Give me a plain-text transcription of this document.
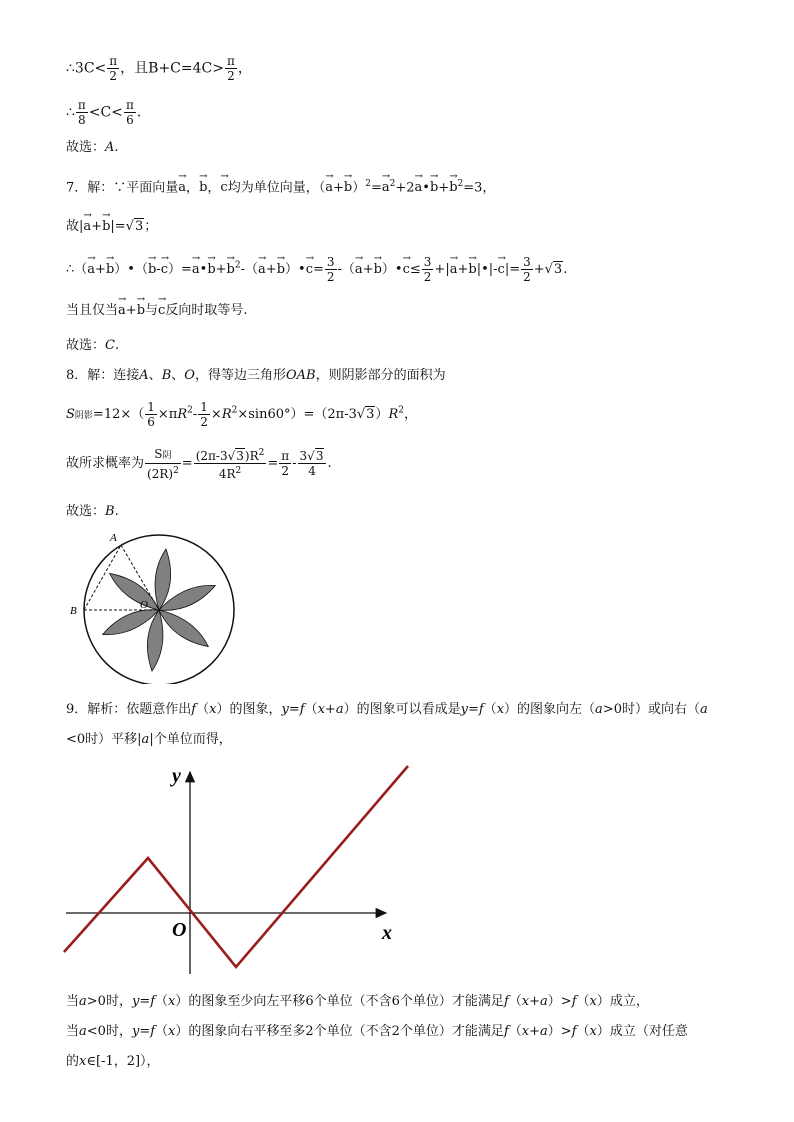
∴3C< $\frac{\pi}{2}$ ，且$B+C=4C> \frac{\pi}{2}$ ，
∴ $\frac{\pi}{8} <C< \frac{\pi}{6}$ .
故选：A.
7．解：∵平面向量→ a，→ b，→ c均为单位向量，（→ $a+\to b)^2=\to a^2+2\to$ a•→ $b+\to b^2=3$，
故|→ a+→ b|=√3；
∴（→ a+→ b）•（→ b-→ c）=→ a•→ $b+\to b^2-(\to a+\to$ b）•→ $c= \frac{3}{2}$ -（→ a+→ b）•→ $c\le \frac{3}{2}$ +|→ a+→ b|•|-→ $c|= \frac{3}{2} +√3$.
当且仅当→ a+→ b与→ c反向时取等号.
故选：C.
8．解：连接A、B、O，得等边三角形OAB，则阴影部分的面积为
S阴影$=12\times( \frac{1}{6} \times\pi R^2- \frac{1}{2} \times R^2\times\sin 60^\circ)=(2\pi-3√3)R^2$，
故所求概率为 $\frac{\text{S阴}}{(2R)^2} = \frac{(2\pi-3√3)R^2}{4R^2} = \frac{\pi}{2} - \frac{3√3}{4}$ .
故选：B.
A
B	O
9．解析：依题意作出f（x）的图象，y=f（x+a）的图象可以看成是y=f（x）的图象向左（a>0时）或向右（a
<0时）平移|a|个单位而得，
y
x
O
当a>0时，y=f（x）的图象至少向左平移6个单位（不含6个单位）才能满足f（x+a）>f（x）成立，
当a<0时，y=f（x）的图象向右平移至多2个单位（不含2个单位）才能满足f（x+a）>f（x）成立（对任意
的x∈[-1，2]），
